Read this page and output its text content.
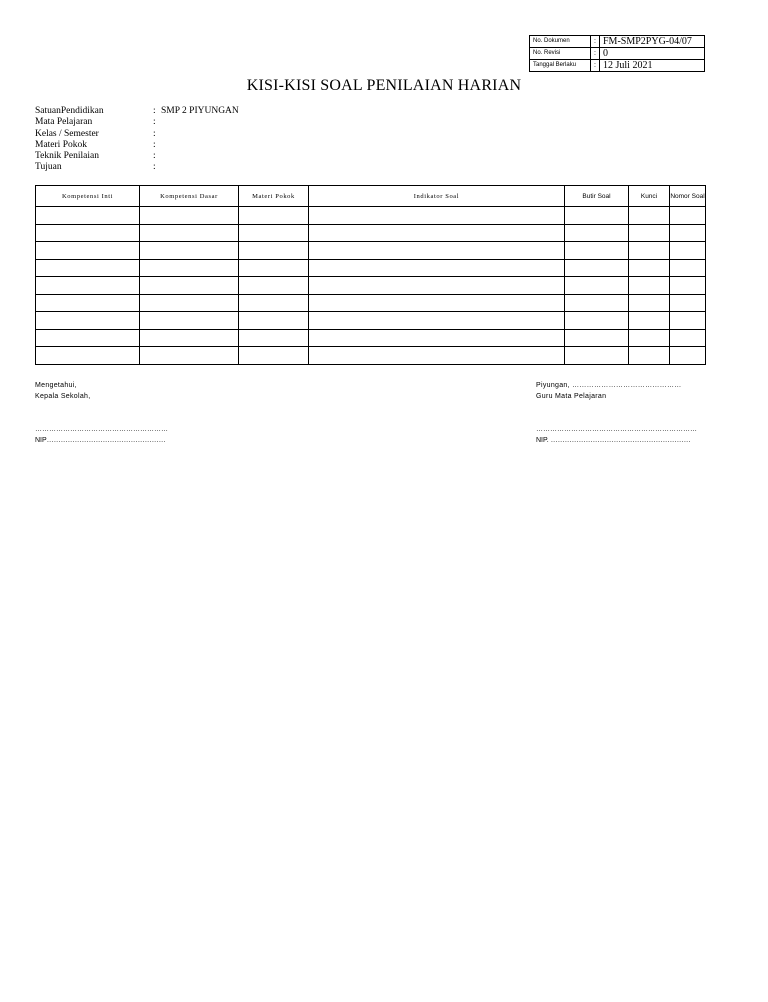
No. Dokumen	:	FM-SMP2PYG-04/07
No. Revisi	:	0
Tanggal Berlaku	:	12 Juli 2021
KISI-KISI SOAL PENILAIAN HARIAN
SatuanPendidikan	: SMP 2 PIYUNGAN
Mata Pelajaran	:
Kelas / Semester	:
Materi Pokok	:
Teknik Penilaian	:
Tujuan	:
Kompetensi Inti	Kompetensi Dasar	Materi Pokok	Indikator Soal	Butir Soal	Kunci	Nomor Soal

Mengetahui,
Kepala Sekolah,
…………………………………………………
NIP……………………………………………
Piyungan, ………………………………………
Guru Mata Pelajaran
……………………………………………………………
NIP. ……………………………………………………
